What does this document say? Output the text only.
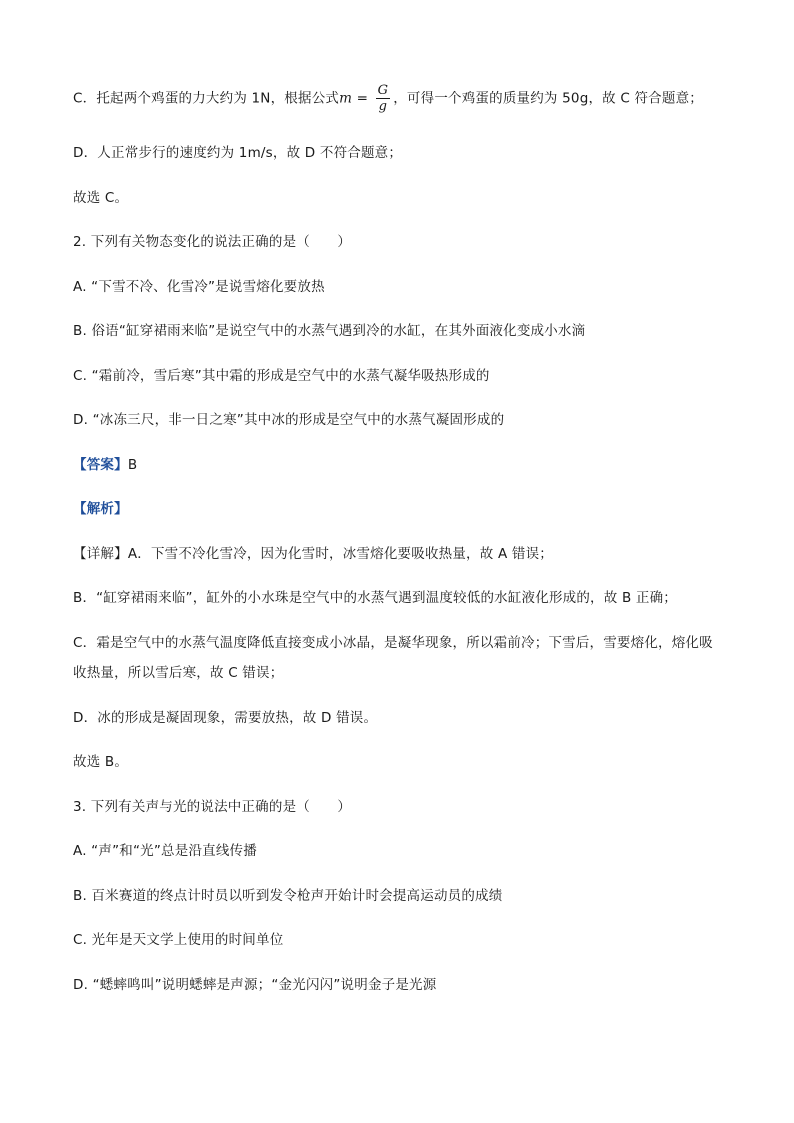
C．托起两个鸡蛋的力大约为 1N，根据公式$m = \frac{G}{g}$ ，可得一个鸡蛋的质量约为 50g，故 C 符合题意；
D．人正常步行的速度约为 1m/s，故 D 不符合题意；
故选 C。
2. 下列有关物态变化的说法正确的是（　　）
A. “下雪不冷、化雪冷”是说雪熔化要放热
B. 俗语“缸穿裙雨来临”是说空气中的水蒸气遇到冷的水缸，在其外面液化变成小水滴
C. “霜前冷，雪后寒”其中霜的形成是空气中的水蒸气凝华吸热形成的
D. “冰冻三尺，非一日之寒”其中冰的形成是空气中的水蒸气凝固形成的
【答案】B
【解析】
【详解】A．下雪不冷化雪冷，因为化雪时，冰雪熔化要吸收热量，故 A 错误；
B．“缸穿裙雨来临”，缸外的小水珠是空气中的水蒸气遇到温度较低的水缸液化形成的，故 B 正确；
C．霜是空气中的水蒸气温度降低直接变成小冰晶，是凝华现象，所以霜前冷；下雪后，雪要熔化，熔化吸
收热量，所以雪后寒，故 C 错误；
D．冰的形成是凝固现象，需要放热，故 D 错误。
故选 B。
3. 下列有关声与光的说法中正确的是（　　）
A. “声”和“光”总是沿直线传播
B. 百米赛道的终点计时员以听到发令枪声开始计时会提高运动员的成绩
C. 光年是天文学上使用的时间单位
D. “蟋蟀鸣叫”说明蟋蟀是声源；“金光闪闪”说明金子是光源
